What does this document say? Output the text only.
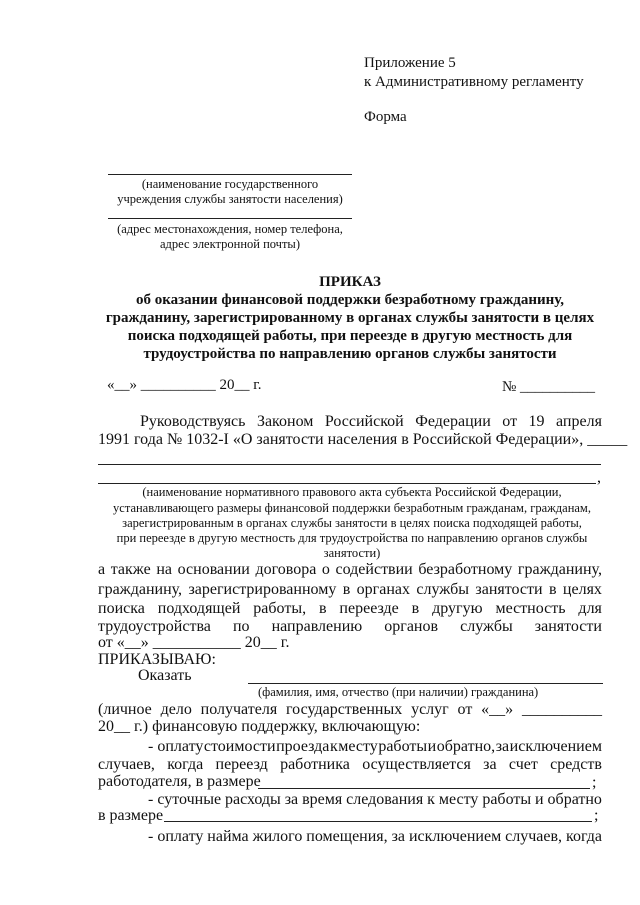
Приложение 5
к Административному регламенту
Форма
(наименование государственного
учреждения службы занятости населения)
(адрес местонахождения, номер телефона,
адрес электронной почты)
ПРИКАЗ
об оказании финансовой поддержки безработному гражданину,
гражданину, зарегистрированному в органах службы занятости в целях
поиска подходящей работы, при переезде в другую местность для
трудоустройства по направлению органов службы занятости
«__» __________ 20__ г.	№ __________
Руководствуясь Законом Российской Федерации от 19 апреля
1991 года № 1032-I «О занятости населения в Российской Федерации», _____
,
(наименование нормативного правового акта субъекта Российской Федерации,
устанавливающего размеры финансовой поддержки безработным гражданам, гражданам,
зарегистрированным в органах службы занятости в целях поиска подходящей работы,
при переезде в другую местность для трудоустройства по направлению органов службы
занятости)
а также на основании договора о содействии безработному гражданину,
гражданину, зарегистрированному в органах службы занятости в целях
поиска подходящей работы, в переезде в другую местность для
трудоустройства по направлению органов службы занятости
от «__» ___________ 20__ г.
ПРИКАЗЫВАЮ:
Оказать
(фамилия, имя, отчество (при наличии) гражданина)
(личное дело получателя государственных услуг от «__» __________
20__ г.) финансовую поддержку, включающую:
- оплату стоимости проезда к месту работы и обратно, за исключением
случаев, когда переезд работника осуществляется за счет средств
работодателя, в размере	;
- суточные расходы за время следования к месту работы и обратно
в размере	;
- оплату найма жилого помещения, за исключением случаев, когда
